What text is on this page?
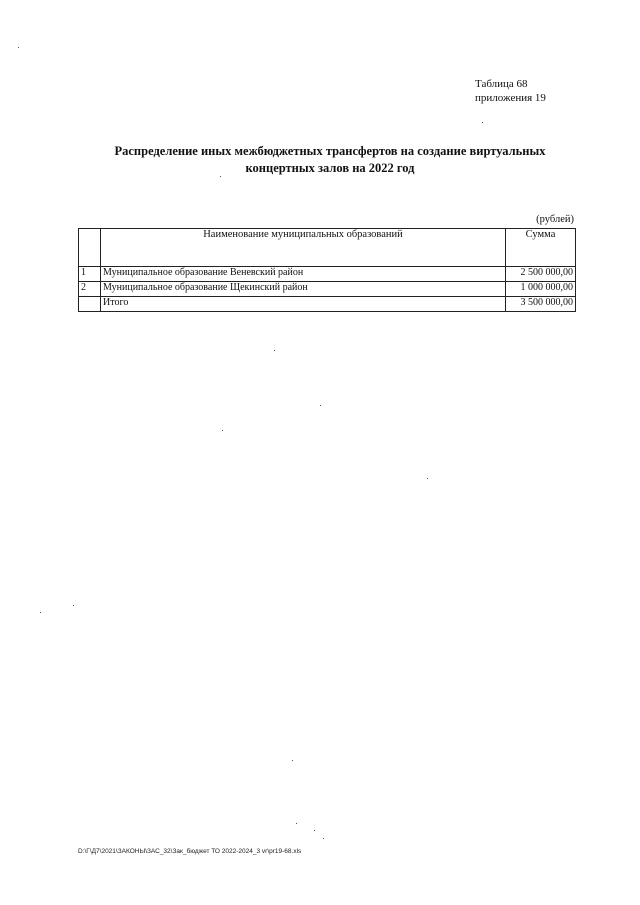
Таблица 68
приложения 19
Распределение иных межбюджетных трансфертов на создание виртуальных
концертных залов на 2022 год
(рублей)
	Наименование муниципальных образований	Сумма
1	Муниципальное образование Веневский район	2 500 000,00
2	Муниципальное образование Щекинский район	1 000 000,00
	Итого	3 500 000,00
D:\Г\Д7\2021\ЗАКОНЫ\ЗАС_32\Зак_бюджет ТО 2022-2024_3 vr\pr19-68.xls
